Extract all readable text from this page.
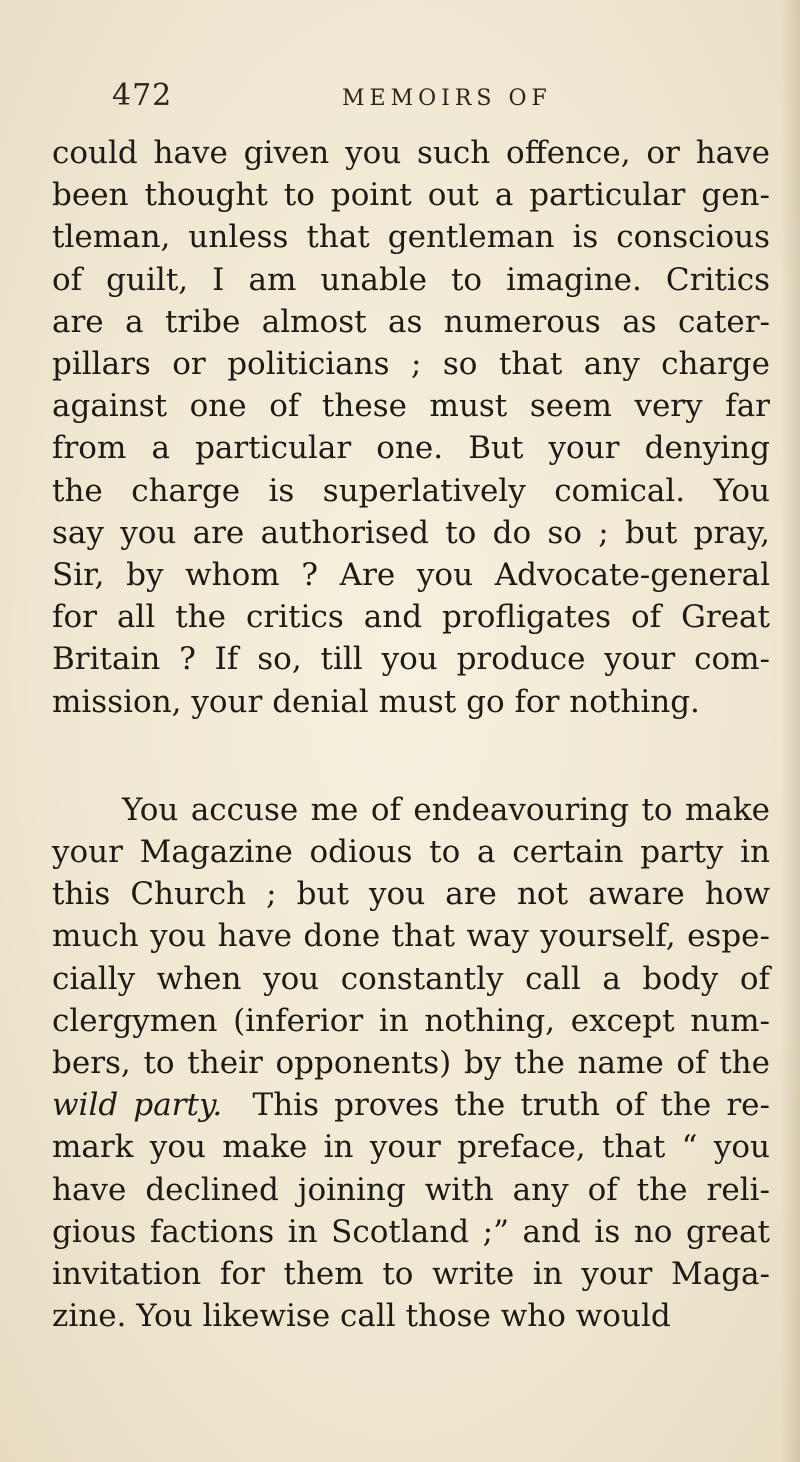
472	MEMOIRS OF
could have given you such offence, or have
been thought to point out a particular gen-
tleman, unless that gentleman is conscious
of guilt, I am unable to imagine. Critics
are a tribe almost as numerous as cater-
pillars or politicians ; so that any charge
against one of these must seem very far
from a particular one. But your denying
the charge is superlatively comical. You
say you are authorised to do so ; but pray,
Sir, by whom ? Are you Advocate-general
for all the critics and profligates of Great
Britain ? If so, till you produce your com-
mission, your denial must go for nothing.
You accuse me of endeavouring to make
your Magazine odious to a certain party in
this Church ; but you are not aware how
much you have done that way yourself, espe-
cially when you constantly call a body of
clergymen (inferior in nothing, except num-
bers, to their opponents) by the name of the
wild party. This proves the truth of the re-
mark you make in your preface, that “ you
have declined joining with any of the reli-
gious factions in Scotland ;” and is no great
invitation for them to write in your Maga-
zine. You likewise call those who would
